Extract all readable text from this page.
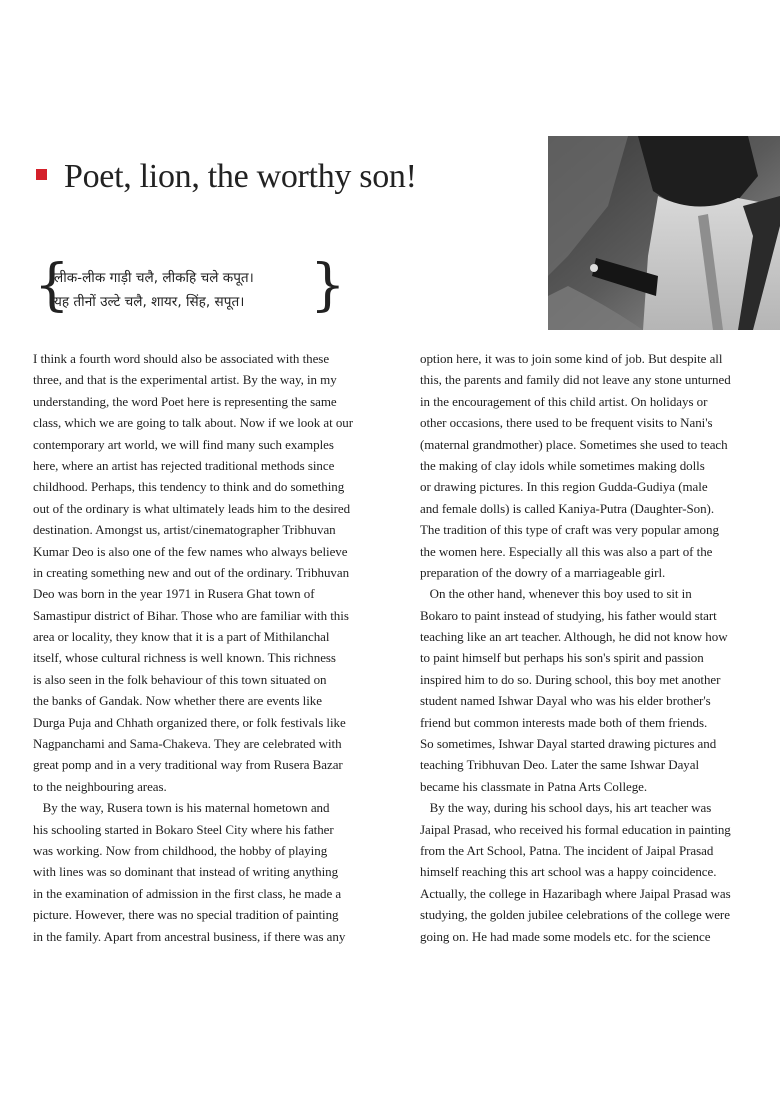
Poet, lion, the worthy son!
{
लीक-लीक गाड़ी चलै, लीकहि चले कपूत।
यह तीनों उल्टे चलै, शायर, सिंह, सपूत। }
I think a fourth word should also be associated with these
three, and that is the experimental artist. By the way, in my
understanding, the word Poet here is representing the same
class, which we are going to talk about. Now if we look at our
contemporary art world, we will find many such examples
here, where an artist has rejected traditional methods since
childhood. Perhaps, this tendency to think and do something
out of the ordinary is what ultimately leads him to the desired
destination. Amongst us, artist/cinematographer Tribhuvan
Kumar Deo is also one of the few names who always believe
in creating something new and out of the ordinary. Tribhuvan
Deo was born in the year 1971 in Rusera Ghat town of
Samastipur district of Bihar. Those who are familiar with this
area or locality, they know that it is a part of Mithilanchal
itself, whose cultural richness is well known. This richness
is also seen in the folk behaviour of this town situated on
the banks of Gandak. Now whether there are events like
Durga Puja and Chhath organized there, or folk festivals like
Nagpanchami and Sama-Chakeva. They are celebrated with
great pomp and in a very traditional way from Rusera Bazar
to the neighbouring areas.
By the way, Rusera town is his maternal hometown and
his schooling started in Bokaro Steel City where his father
was working. Now from childhood, the hobby of playing
with lines was so dominant that instead of writing anything
in the examination of admission in the first class, he made a
picture. However, there was no special tradition of painting
in the family. Apart from ancestral business, if there was any
option here, it was to join some kind of job. But despite all
this, the parents and family did not leave any stone unturned
in the encouragement of this child artist. On holidays or
other occasions, there used to be frequent visits to Nani's
(maternal grandmother) place. Sometimes she used to teach
the making of clay idols while sometimes making dolls
or drawing pictures. In this region Gudda-Gudiya (male
and female dolls) is called Kaniya-Putra (Daughter-Son).
The tradition of this type of craft was very popular among
the women here. Especially all this was also a part of the
preparation of the dowry of a marriageable girl.
On the other hand, whenever this boy used to sit in
Bokaro to paint instead of studying, his father would start
teaching like an art teacher. Although, he did not know how
to paint himself but perhaps his son's spirit and passion
inspired him to do so. During school, this boy met another
student named Ishwar Dayal who was his elder brother's
friend but common interests made both of them friends.
So sometimes, Ishwar Dayal started drawing pictures and
teaching Tribhuvan Deo. Later the same Ishwar Dayal
became his classmate in Patna Arts College.
By the way, during his school days, his art teacher was
Jaipal Prasad, who received his formal education in painting
from the Art School, Patna. The incident of Jaipal Prasad
himself reaching this art school was a happy coincidence.
Actually, the college in Hazaribagh where Jaipal Prasad was
studying, the golden jubilee celebrations of the college were
going on. He had made some models etc. for the science
